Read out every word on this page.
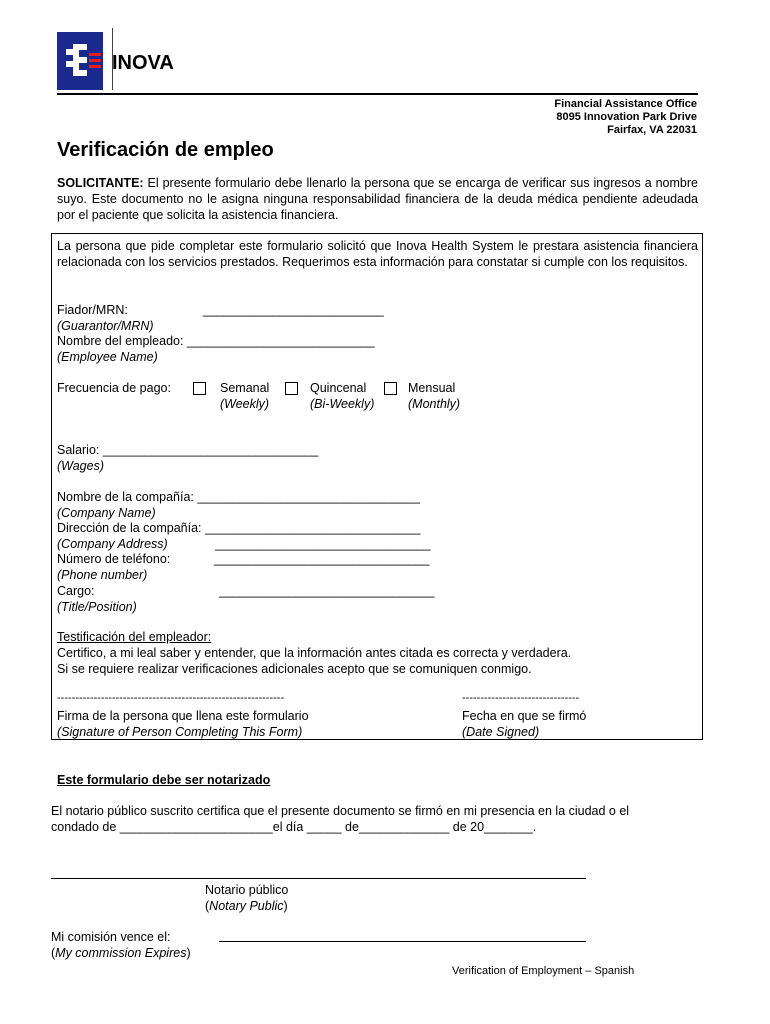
INOVA
Financial Assistance Office
8095 Innovation Park Drive
Fairfax, VA 22031
Verificación de empleo
SOLICITANTE: El presente formulario debe llenarlo la persona que se encarga de verificar sus ingresos a nombre suyo. Este documento no le asigna ninguna responsabilidad financiera de la deuda médica pendiente adeudada por el paciente que solicita la asistencia financiera.
La persona que pide completar este formulario solicitó que Inova Health System le prestara asistencia financiera relacionada con los servicios prestados. Requerimos esta información para constatar si cumple con los requisitos.
Fiador/MRN:	__________________________
(Guarantor/MRN)
Nombre del empleado: ___________________________
(Employee Name)
Frecuencia de pago:	Semanal
(Weekly)
Quincenal
(Bi-Weekly)
Mensual
(Monthly)
Salario: _______________________________
(Wages)
Nombre de la compañía: ________________________________
(Company Name)
Dirección de la compañía: _______________________________
(Company Address)	_______________________________
Número de teléfono:	_______________________________
(Phone number)
Cargo:	_______________________________
(Title/Position)
Testificación del empleador:
Certifico, a mi leal saber y entender, que la información antes citada es correcta y verdadera.
Si se requiere realizar verificaciones adicionales acepto que se comuniquen conmigo.
--------------------------------------------------------------
Firma de la persona que llena este formulario
(Signature of Person Completing This Form)
--------------------------------
Fecha en que se firmó
(Date Signed)
Este formulario debe ser notarizado
El notario público suscrito certifica que el presente documento se firmó en mi presencia en la ciudad o el
condado de ______________________el día _____ de_____________ de 20_______.
Notario público
(Notary Public)
Mi comisión vence el:
(My commission Expires)
Verification of Employment – Spanish
